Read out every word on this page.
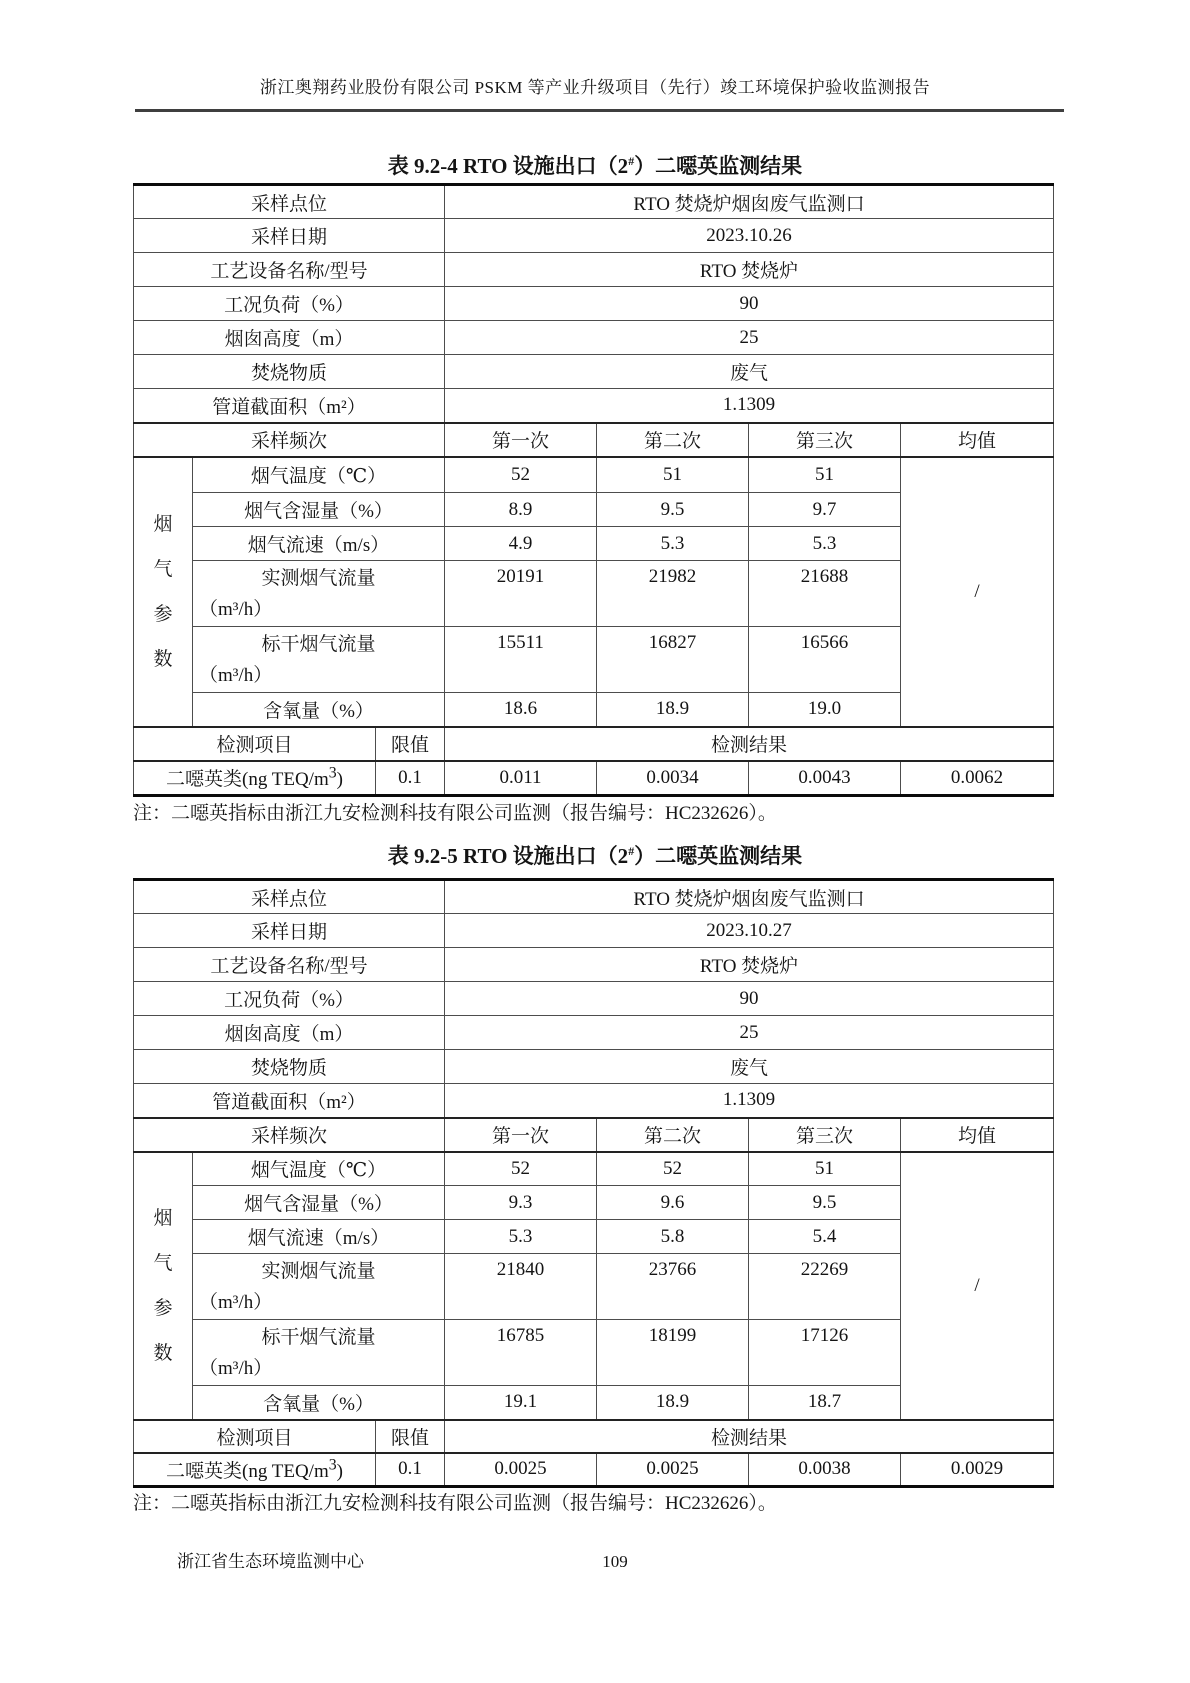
浙江奥翔药业股份有限公司 PSKM 等产业升级项目（先行）竣工环境保护验收监测报告
表 9.2-4 RTO 设施出口（2#）二噁英监测结果
采样点位			RTO 焚烧炉烟囱废气监测口			
采样日期			2023.10.26			
工艺设备名称/型号			RTO 焚烧炉			
工况负荷（%）			90			
烟囱高度（m）			25			
焚烧物质			废气			
管道截面积（m²）			1.1309			
采样频次			第一次	第二次	第三次	均值

烟气参数	烟气温度（℃）		52	51	51	/
	烟气含湿量（%）		8.9	9.5	9.7	
	烟气流速（m/s）		4.9	5.3	5.3	

	实测烟气流量
（m³/h）		20191	21982	21688	

	标干烟气流量
（m³/h）		15511	16827	16566	
	含氧量（%）		18.6	18.9	19.0	
检测项目		限值	检测结果			
二噁英类(ng TEQ/$m^3$)		0.1	0.011	0.0034	0.0043	0.0062
注：二噁英指标由浙江九安检测科技有限公司监测（报告编号：HC232626）。
表 9.2-5 RTO 设施出口（2#）二噁英监测结果
采样点位			RTO 焚烧炉烟囱废气监测口			
采样日期			2023.10.27			
工艺设备名称/型号			RTO 焚烧炉			
工况负荷（%）			90			
烟囱高度（m）			25			
焚烧物质			废气			
管道截面积（m²）			1.1309			
采样频次			第一次	第二次	第三次	均值

烟气参数	烟气温度（℃）		52	52	51	/
	烟气含湿量（%）		9.3	9.6	9.5	
	烟气流速（m/s）		5.3	5.8	5.4	

	实测烟气流量
（m³/h）		21840	23766	22269	

	标干烟气流量
（m³/h）		16785	18199	17126	
	含氧量（%）		19.1	18.9	18.7	
检测项目		限值	检测结果			
二噁英类(ng TEQ/$m^3$)		0.1	0.0025	0.0025	0.0038	0.0029
注：二噁英指标由浙江九安检测科技有限公司监测（报告编号：HC232626）。
浙江省生态环境监测中心	109
